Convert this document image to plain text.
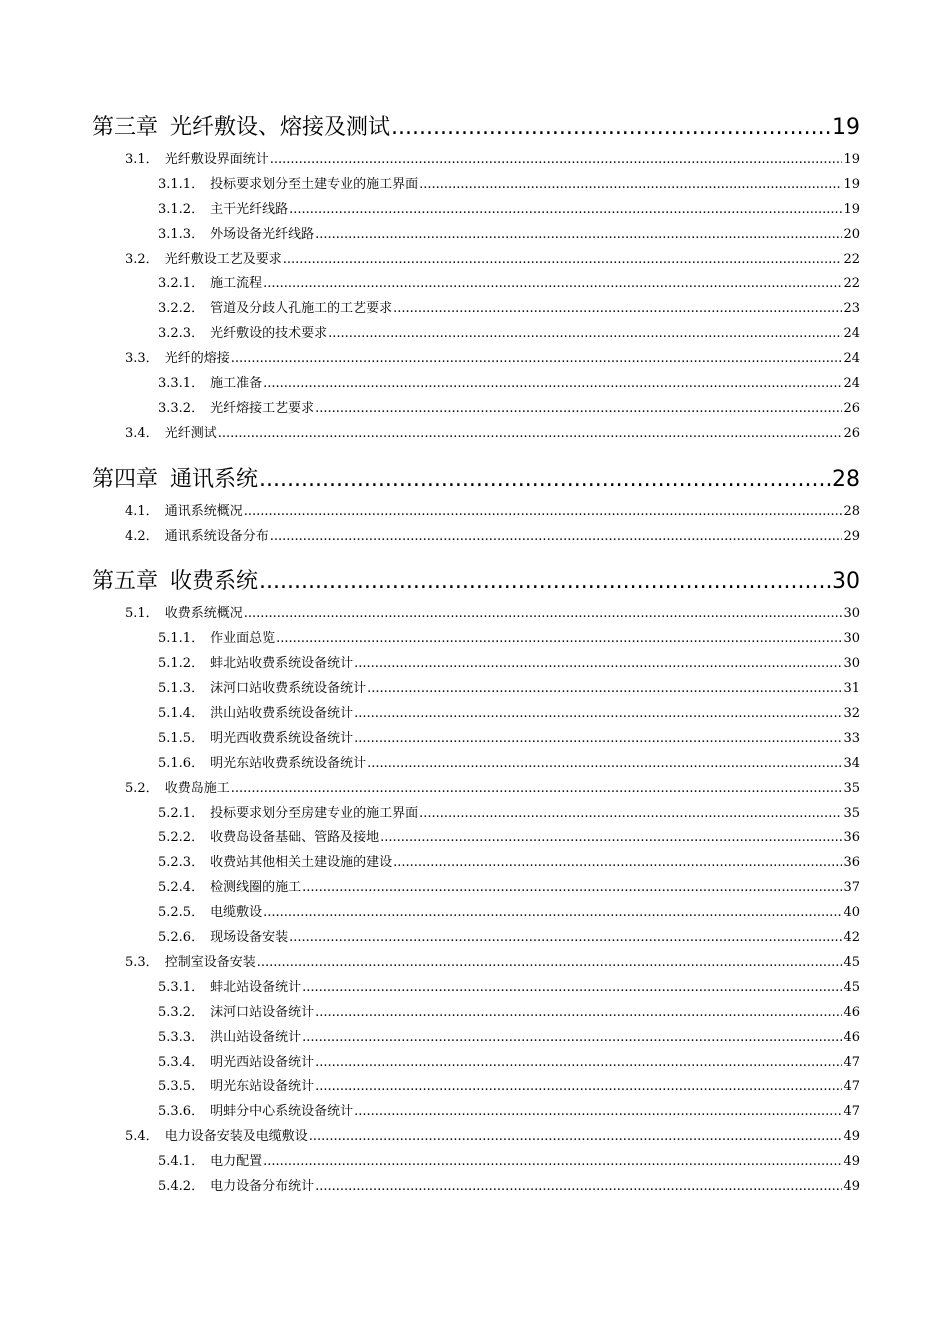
第三章 光纤敷设、熔接及测试 .....	19
3.1． 光纤敷设界面统计 .....	19
3.1.1． 投标要求划分至土建专业的施工界面 .....	19
3.1.2． 主干光纤线路 .....	19
3.1.3． 外场设备光纤线路 .....	20
3.2． 光纤敷设工艺及要求 .....	22
3.2.1． 施工流程 .....	22
3.2.2． 管道及分歧人孔施工的工艺要求 .....	23
3.2.3． 光纤敷设的技术要求 .....	24
3.3． 光纤的熔接 .....	24
3.3.1． 施工准备 .....	24
3.3.2． 光纤熔接工艺要求 .....	26
3.4． 光纤测试 .....	26
第四章 通讯系统 .....	28
4.1． 通讯系统概况 .....	28
4.2． 通讯系统设备分布 .....	29
第五章 收费系统 .....	30
5.1． 收费系统概况 .....	30
5.1.1． 作业面总览 .....	30
5.1.2． 蚌北站收费系统设备统计 .....	30
5.1.3． 沫河口站收费系统设备统计 .....	31
5.1.4． 洪山站收费系统设备统计 .....	32
5.1.5． 明光西收费系统设备统计 .....	33
5.1.6． 明光东站收费系统设备统计 .....	34
5.2． 收费岛施工 .....	35
5.2.1． 投标要求划分至房建专业的施工界面 .....	35
5.2.2． 收费岛设备基础、管路及接地 .....	36
5.2.3． 收费站其他相关土建设施的建设 .....	36
5.2.4． 检测线圈的施工 .....	37
5.2.5． 电缆敷设 .....	40
5.2.6． 现场设备安装 .....	42
5.3． 控制室设备安装 .....	45
5.3.1． 蚌北站设备统计 .....	45
5.3.2． 沫河口站设备统计 .....	46
5.3.3． 洪山站设备统计 .....	46
5.3.4． 明光西站设备统计 .....	47
5.3.5． 明光东站设备统计 .....	47
5.3.6． 明蚌分中心系统设备统计 .....	47
5.4． 电力设备安装及电缆敷设 .....	49
5.4.1． 电力配置 .....	49
5.4.2． 电力设备分布统计 .....	49
